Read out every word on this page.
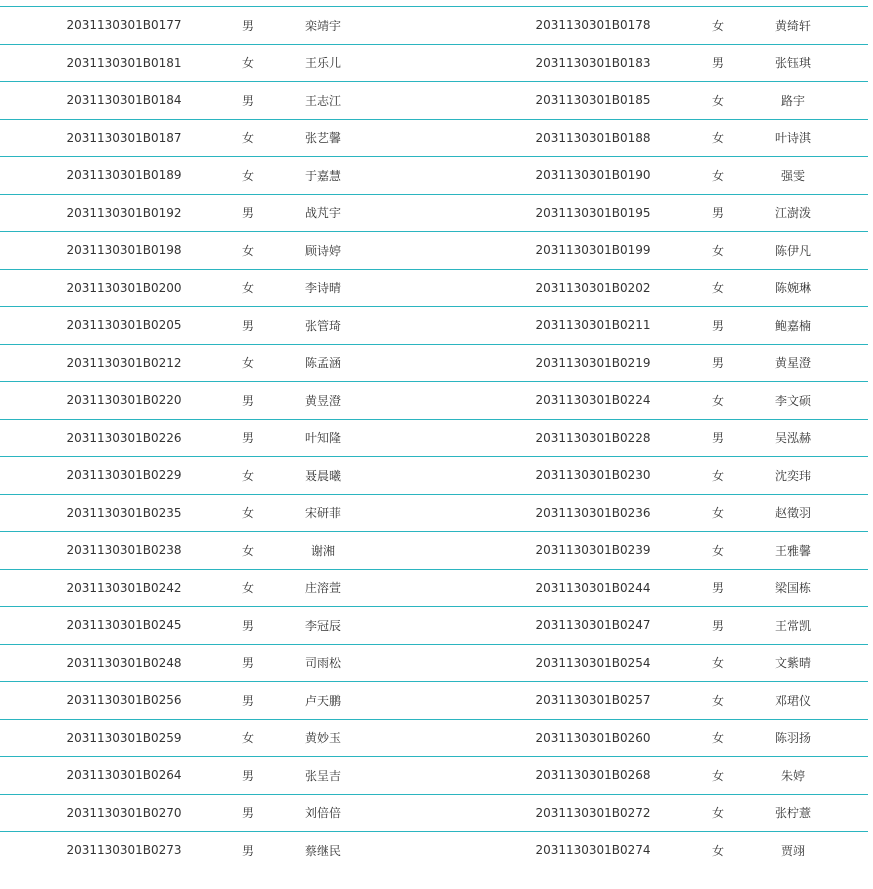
2031130301B0177	男	栾靖宇	2031130301B0178	女	黄绮轩
2031130301B0181	女	王乐儿	2031130301B0183	男	张钰琪
2031130301B0184	男	王志江	2031130301B0185	女	路宇
2031130301B0187	女	张艺馨	2031130301B0188	女	叶诗淇
2031130301B0189	女	于嘉慧	2031130301B0190	女	强雯
2031130301B0192	男	战芃宇	2031130301B0195	男	江澍泼
2031130301B0198	女	顾诗婷	2031130301B0199	女	陈伊凡
2031130301B0200	女	李诗晴	2031130301B0202	女	陈婉琳
2031130301B0205	男	张管琦	2031130301B0211	男	鲍嘉楠
2031130301B0212	女	陈孟涵	2031130301B0219	男	黄星澄
2031130301B0220	男	黄昱澄	2031130301B0224	女	李文硕
2031130301B0226	男	叶知隆	2031130301B0228	男	吴泓赫
2031130301B0229	女	聂晨曦	2031130301B0230	女	沈奕玮
2031130301B0235	女	宋研菲	2031130301B0236	女	赵徵羽
2031130301B0238	女	谢湘	2031130301B0239	女	王雅馨
2031130301B0242	女	庄溶萱	2031130301B0244	男	梁国栋
2031130301B0245	男	李冠辰	2031130301B0247	男	王常凯
2031130301B0248	男	司雨松	2031130301B0254	女	文紫晴
2031130301B0256	男	卢天鹏	2031130301B0257	女	邓珺仪
2031130301B0259	女	黄妙玉	2031130301B0260	女	陈羽扬
2031130301B0264	男	张呈吉	2031130301B0268	女	朱婷
2031130301B0270	男	刘倍倍	2031130301B0272	女	张柠薏
2031130301B0273	男	蔡继民	2031130301B0274	女	贾翊
